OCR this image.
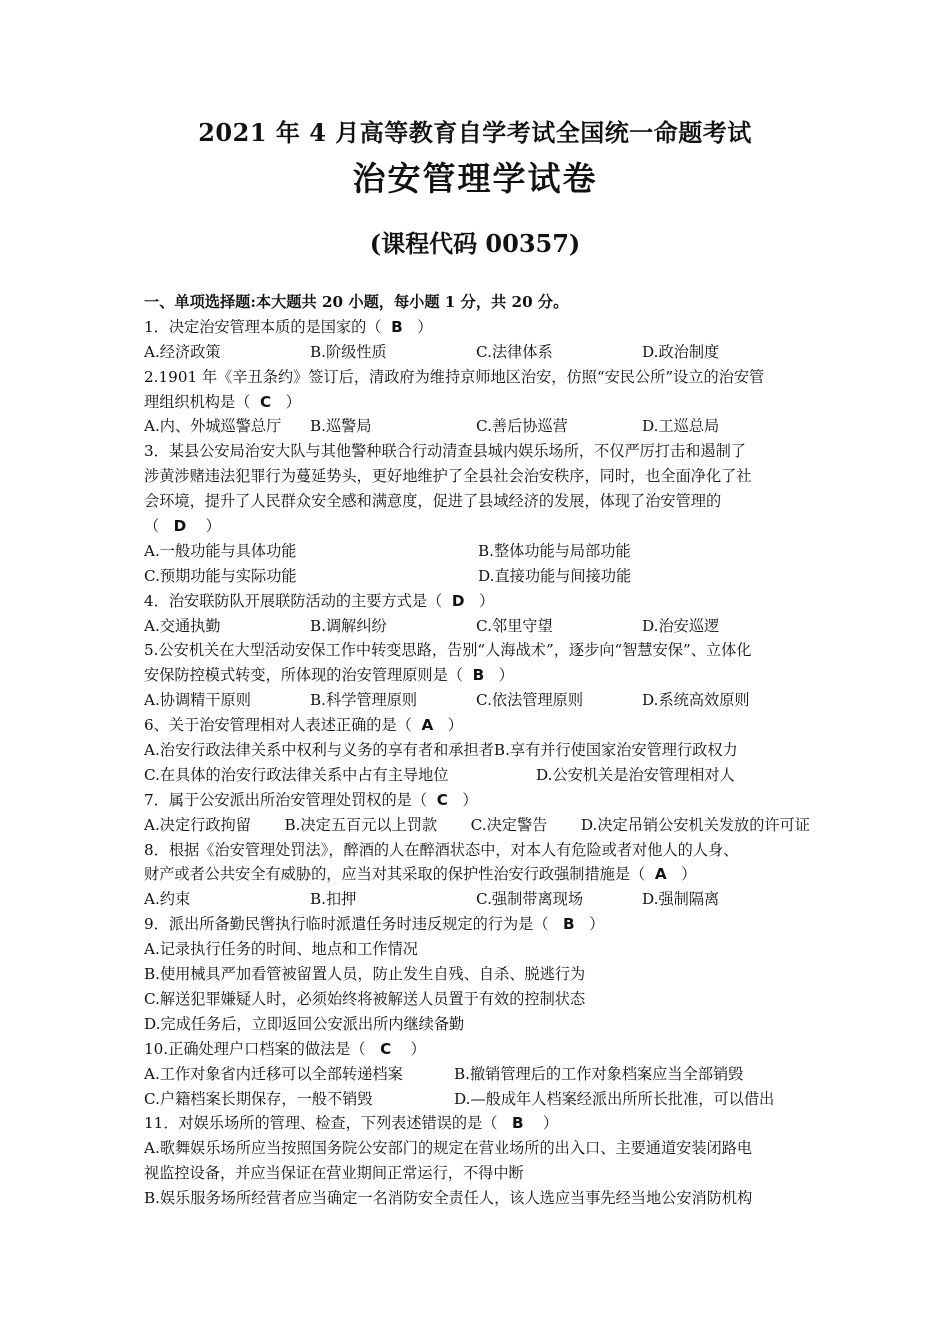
2021 年 4 月高等教育自学考试全国统一命题考试
治安管理学试卷
(课程代码 00357)
一、单项选择题:本大题共 20 小题，每小题 1 分，共 20 分。
1．决定治安管理本质的是国家的（ B ）
A.经济政策	B.阶级性质	C.法律体系	D.政治制度
2.1901 年《辛丑条约》签订后，清政府为维持京师地区治安，仿照“安民公所”设立的治安管
理组织机构是（ C ）
A.内、外城巡警总厅	B.巡警局	C.善后协巡营	D.工巡总局
3．某县公安局治安大队与其他警种联合行动清查县城内娱乐场所，不仅严厉打击和遏制了
涉黄涉赌违法犯罪行为蔓延势头，更好地维护了全县社会治安秩序，同时，也全面净化了社
会环境，提升了人民群众安全感和满意度，促进了县域经济的发展，体现了治安管理的
（ D ）
A.一般功能与具体功能	B.整体功能与局部功能
C.预期功能与实际功能	D.直接功能与间接功能
4．治安联防队开展联防活动的主要方式是（ D ）
A.交通执勤	B.调解纠纷	C.邻里守望	D.治安巡逻
5.公安机关在大型活动安保工作中转变思路，告别“人海战术”，逐步向“智慧安保”、立体化
安保防控模式转变，所体现的治安管理原则是（ B ）
A.协调精干原则	B.科学管理原则	C.依法管理原则	D.系统高效原则
6、关于治安管理相对人表述正确的是（ A ）
A.治安行政法律关系中权利与义务的享有者和承担者B.享有并行使国家治安管理行政权力
C.在具体的治安行政法律关系中占有主导地位	D.公安机关是治安管理相对人
7．属于公安派出所治安管理处罚权的是（ C ）
A.决定行政拘留 B.决定五百元以上罚款 C.决定警告 D.决定吊销公安机关发放的许可证
8．根据《治安管理处罚法》，醉酒的人在醉酒状态中，对本人有危险或者对他人的人身、
财产或者公共安全有威胁的，应当对其采取的保护性治安行政强制措施是（ A ）
A.约束	B.扣押	C.强制带离现场	D.强制隔离
9．派出所备勤民辔执行临时派遣任务时违反规定的行为是（ B ）
A.记录执行任务的时间、地点和工作情况
B.使用械具严加看管被留置人员，防止发生自残、自杀、脱逃行为
C.解送犯罪嫌疑人时，必须始终将被解送人员置于有效的控制状态
D.完成任务后，立即返回公安派出所内继续备勤
10.正确处理户口档案的做法是（ C ）
A.工作对象省内迁移可以全部转递档案	B.撤销管理后的工作对象档案应当全部销毁
C.户籍档案长期保存，一般不销毁	D.—般成年人档案经派出所所长批准，可以借出
11．对娱乐场所的管理、检查，下列表述错误的是（ B ）
A.歌舞娱乐场所应当按照国务院公安部门的规定在营业场所的出入口、主要通道安装闭路电
视监控设备，并应当保证在营业期间正常运行，不得中断
B.娱乐服务场所经营者应当确定一名消防安全责任人，该人选应当事先经当地公安消防机构
